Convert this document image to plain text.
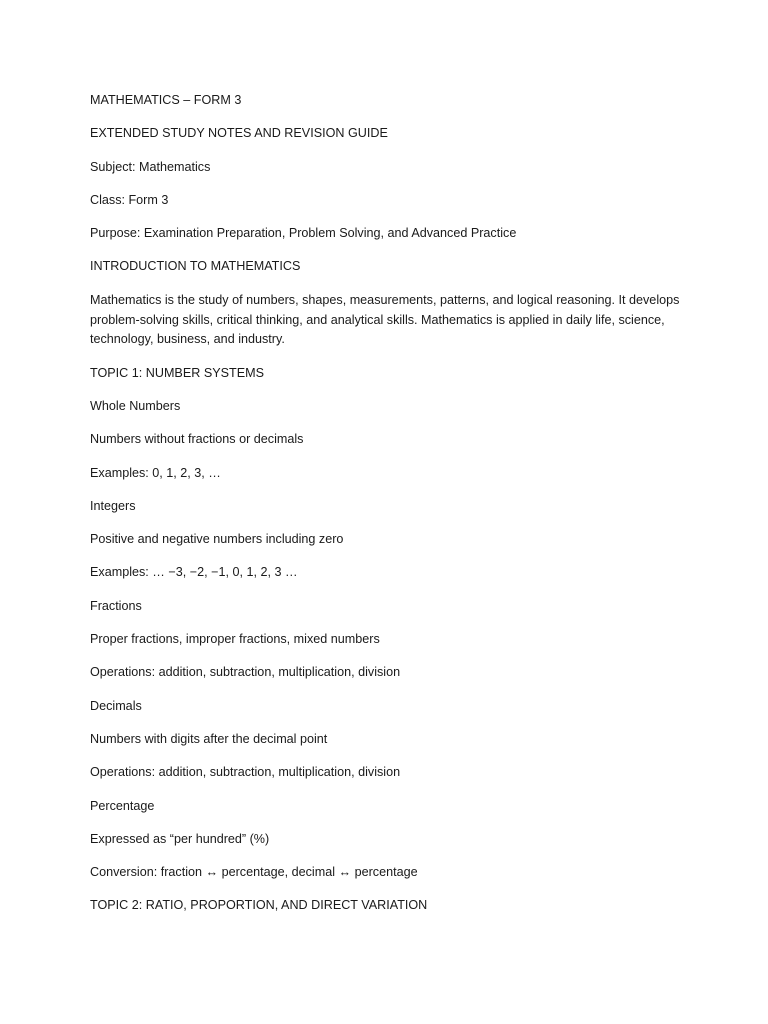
MATHEMATICS – FORM 3

EXTENDED STUDY NOTES AND REVISION GUIDE

Subject: Mathematics

Class: Form 3

Purpose: Examination Preparation, Problem Solving, and Advanced Practice

INTRODUCTION TO MATHEMATICS

Mathematics is the study of numbers, shapes, measurements, patterns, and logical reasoning. It develops problem-solving skills, critical thinking, and analytical skills. Mathematics is applied in daily life, science, technology, business, and industry.

TOPIC 1: NUMBER SYSTEMS

Whole Numbers

Numbers without fractions or decimals

Examples: 0, 1, 2, 3, …

Integers

Positive and negative numbers including zero

Examples: … −3, −2, −1, 0, 1, 2, 3 …

Fractions

Proper fractions, improper fractions, mixed numbers

Operations: addition, subtraction, multiplication, division

Decimals

Numbers with digits after the decimal point

Operations: addition, subtraction, multiplication, division

Percentage

Expressed as “per hundred” (%)

Conversion: fraction ↔ percentage, decimal ↔ percentage

TOPIC 2: RATIO, PROPORTION, AND DIRECT VARIATION
